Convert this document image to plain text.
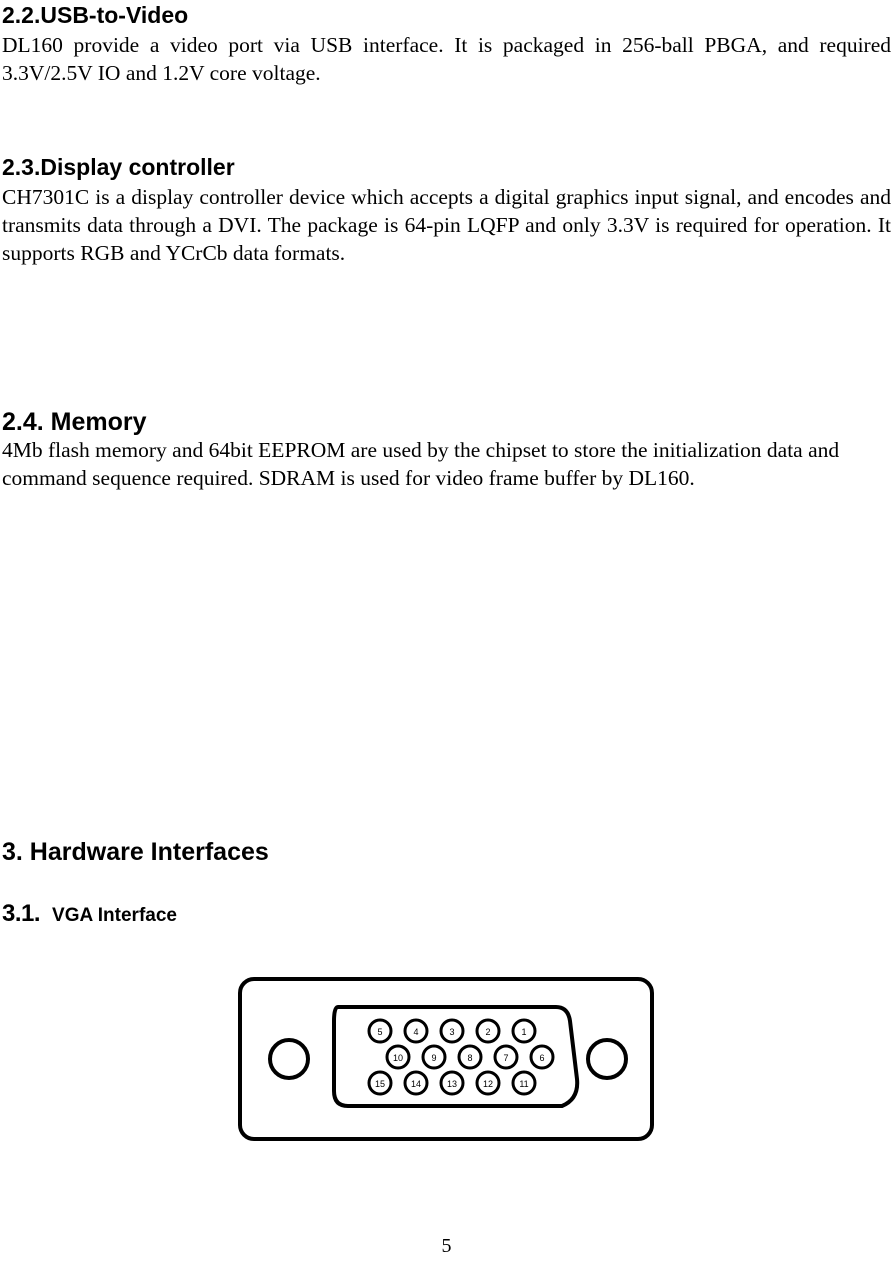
2.2.USB-to-Video

DL160 provide a video port via USB interface. It is packaged in 256-ball PBGA, and required 3.3V/2.5V IO and 1.2V core voltage.

2.3.Display controller

CH7301C is a display controller device which accepts a digital graphics input signal, and encodes and transmits data through a DVI. The package is 64-pin LQFP and only 3.3V is required for operation. It supports RGB and YCrCb data formats.

2.4. Memory

4Mb flash memory and 64bit EEPROM are used by the chipset to store the initialization data and command sequence required. SDRAM is used for video frame buffer by DL160.

3. Hardware Interfaces
3.1. VGA Interface
5	4	3	2	1
10	9	8	7	6
15	14	13	12	11
5
